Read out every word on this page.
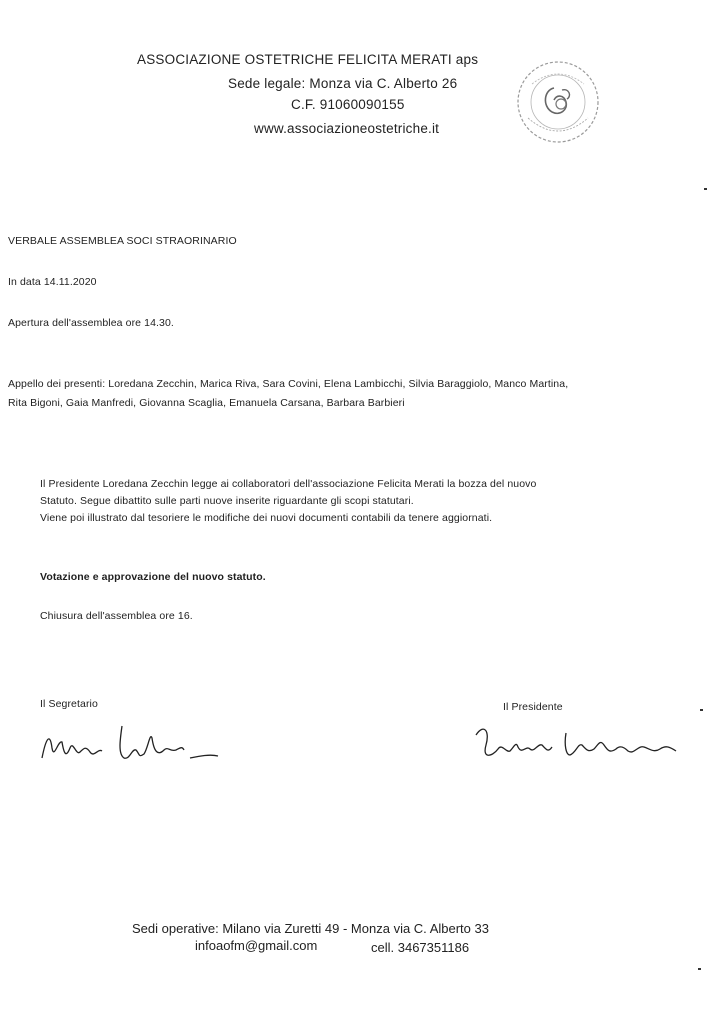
ASSOCIAZIONE OSTETRICHE FELICITA MERATI aps
Sede legale: Monza via C. Alberto 26
C.F. 91060090155
www.associazioneostetriche.it
VERBALE ASSEMBLEA SOCI STRAORINARIO
In data 14.11.2020
Apertura dell'assemblea ore 14.30.
Appello dei presenti: Loredana Zecchin, Marica Riva, Sara Covini, Elena Lambicchi, Silvia Baraggiolo, Manco Martina,
Rita Bigoni, Gaia Manfredi, Giovanna Scaglia, Emanuela Carsana, Barbara Barbieri
Il Presidente Loredana Zecchin legge ai collaboratori dell'associazione Felicita Merati la bozza del nuovo
Statuto. Segue dibattito sulle parti nuove inserite riguardante gli scopi statutari.
Viene poi illustrato dal tesoriere le modifiche dei nuovi documenti contabili da tenere aggiornati.
Votazione e approvazione del nuovo statuto.
Chiusura dell'assemblea ore 16.
Il Segretario	Il Presidente
Sedi operative: Milano via Zuretti 49 - Monza via C. Alberto 33
infoaofm@gmail.com	cell. 3467351186
